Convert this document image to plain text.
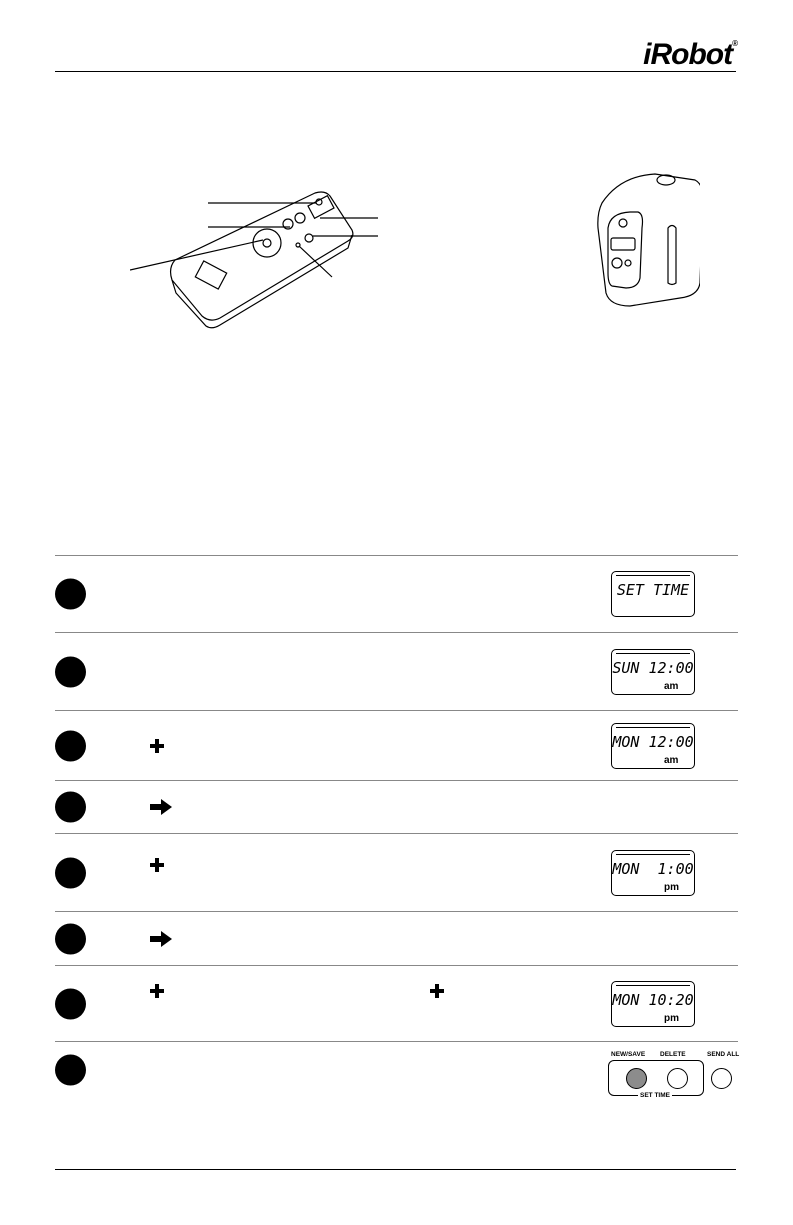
iRobot®
SET TIME
SUN 12:00
am
MON 12:00
am
MON  1:00
pm
MON 10:20
pm
NEW/SAVE DELETE	SEND ALL
SET TIME
